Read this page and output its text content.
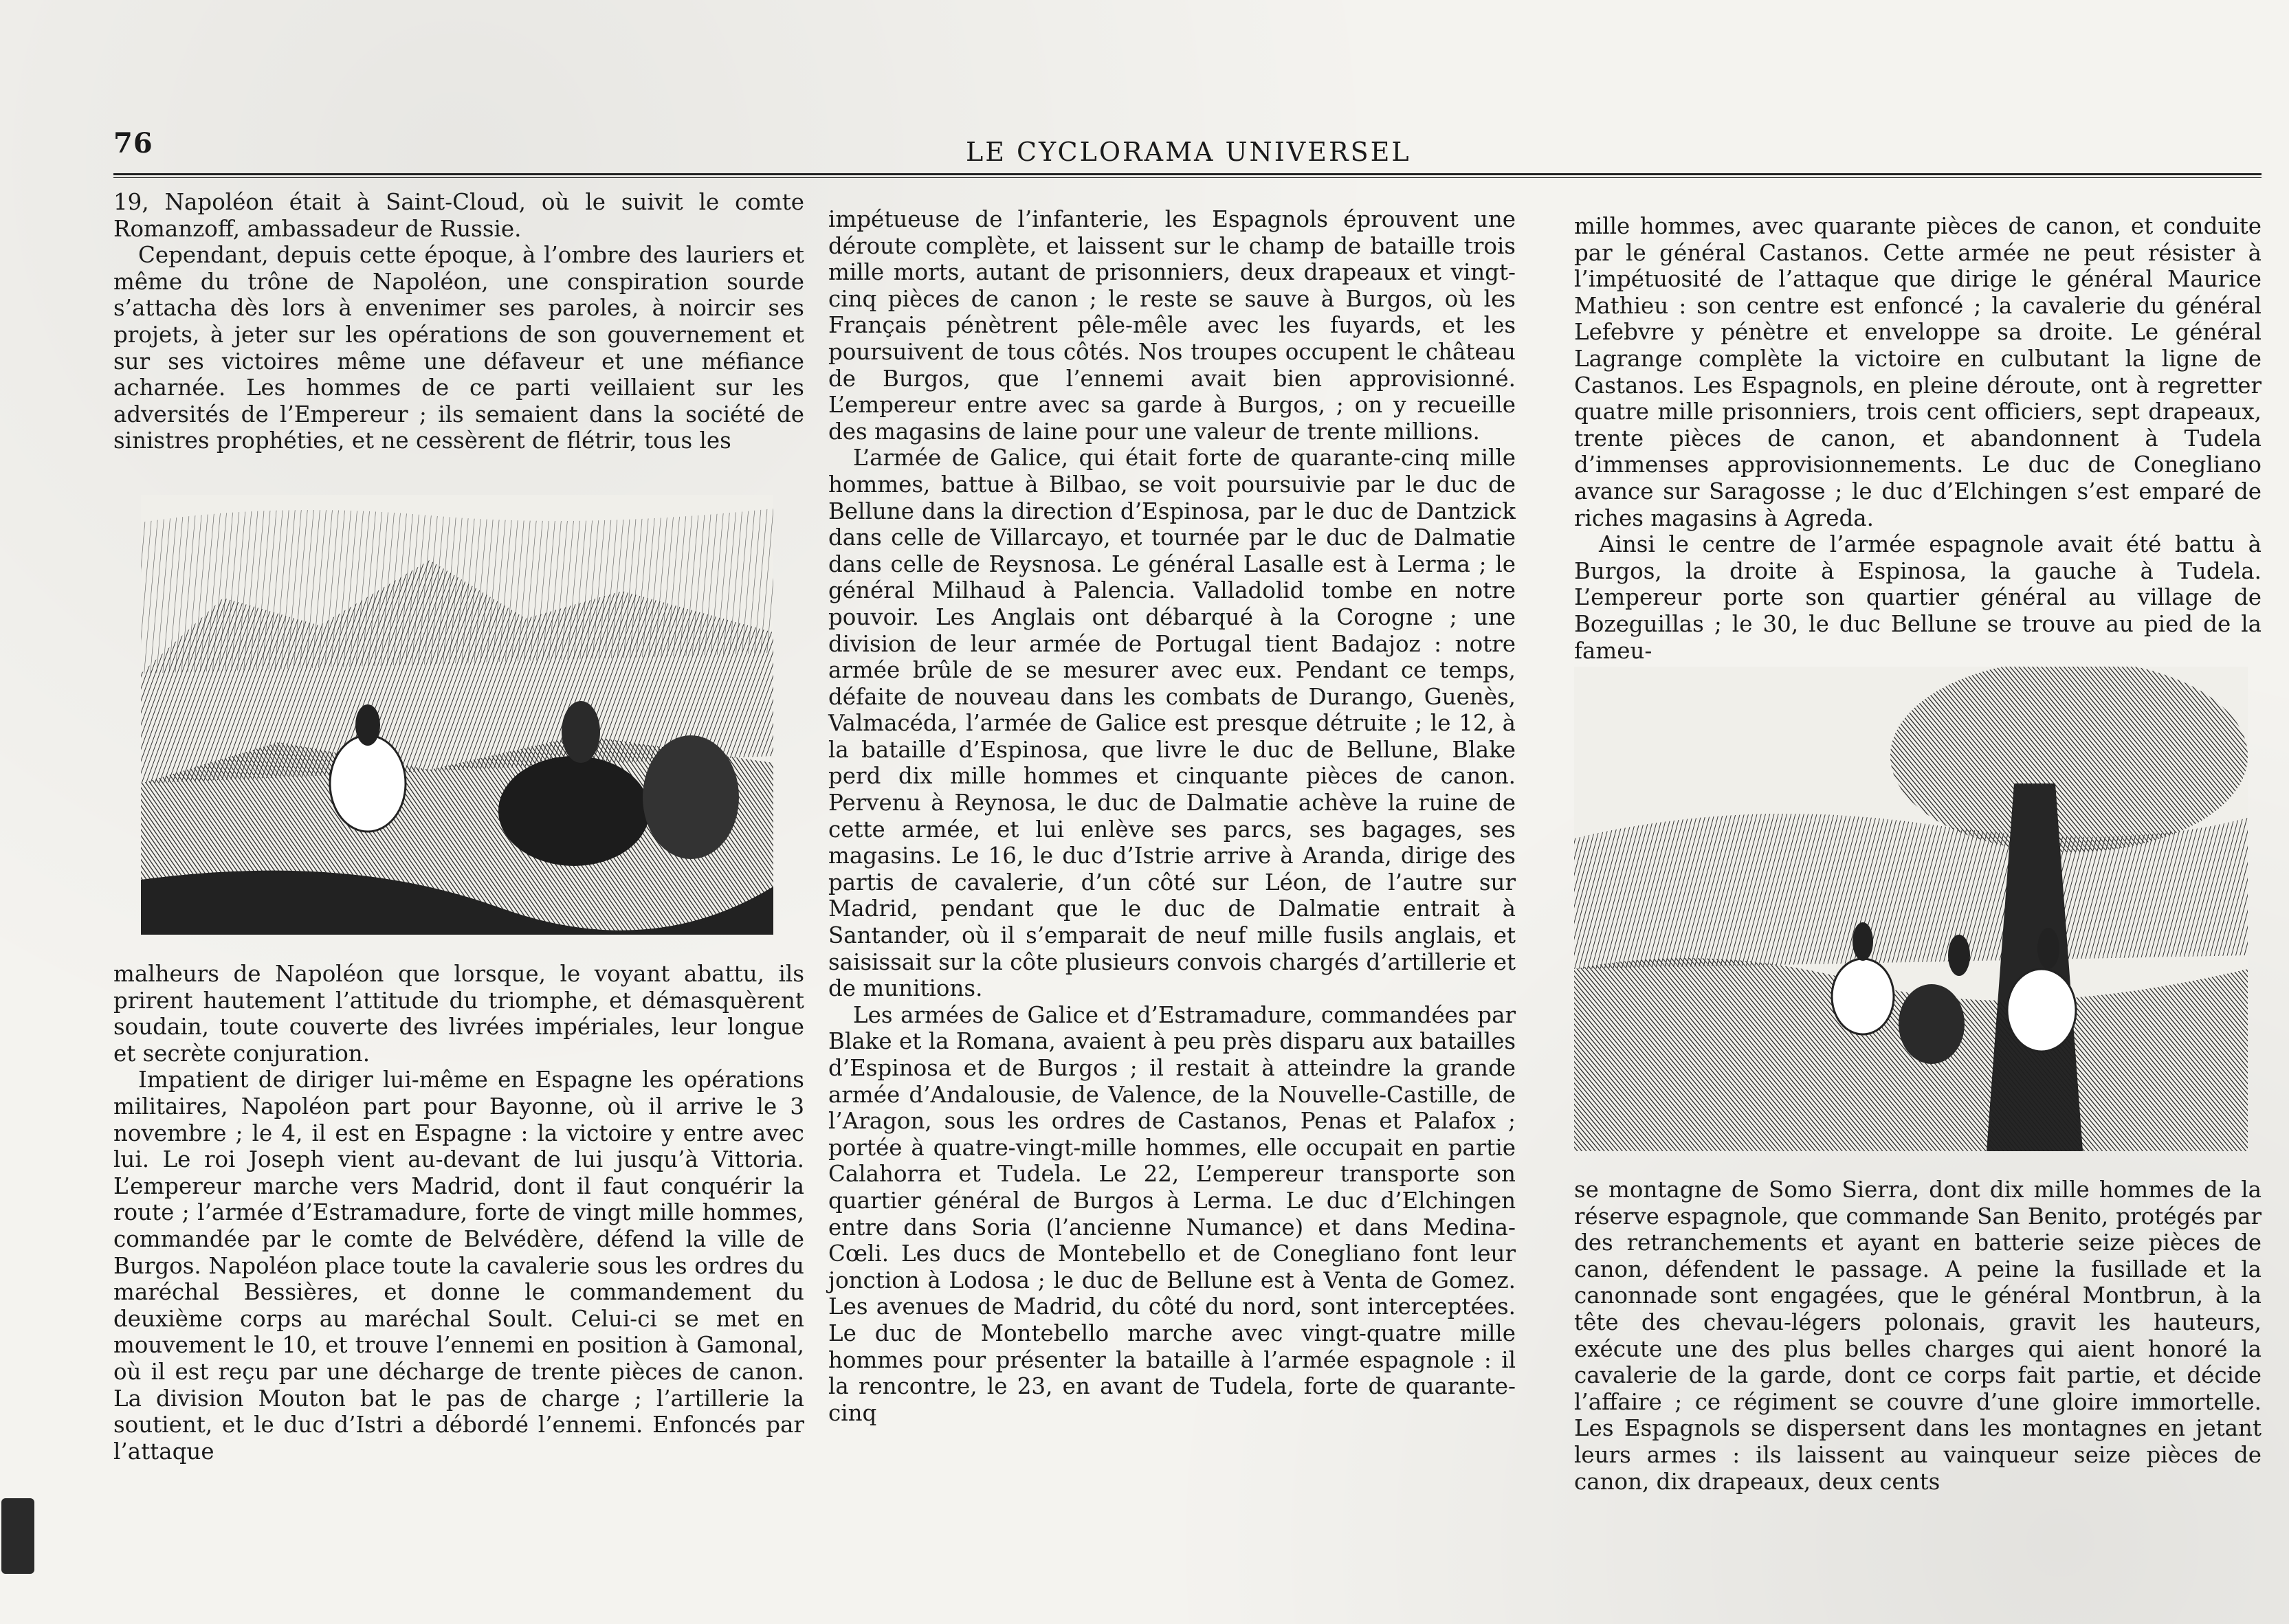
76	LE CYCLORAMA UNIVERSEL

19, Napoléon était à Saint-Cloud, où le suivit le comte Romanzoff, ambassadeur de Russie.

Cependant, depuis cette époque, à l’ombre des lauriers et même du trône de Napoléon, une conspiration sourde s’attacha dès lors à envenimer ses paroles, à noircir ses projets, à jeter sur les opérations de son gouvernement et sur ses victoires même une défaveur et une méfiance acharnée. Les hommes de ce parti veillaient sur les adversités de l’Empereur ; ils semaient dans la société de sinistres prophéties, et ne cessèrent de flétrir, tous les

malheurs de Napoléon que lorsque, le voyant abattu, ils prirent hautement l’attitude du triomphe, et démasquèrent soudain, toute couverte des livrées impériales, leur longue et secrète conjuration.

Impatient de diriger lui-même en Espagne les opérations militaires, Napoléon part pour Bayonne, où il arrive le 3 novembre ; le 4, il est en Espagne : la victoire y entre avec lui. Le roi Joseph vient au-devant de lui jusqu’à Vittoria. L’empereur marche vers Madrid, dont il faut conquérir la route ; l’armée d’Estramadure, forte de vingt mille hommes, commandée par le comte de Belvédère, défend la ville de Burgos. Napoléon place toute la cavalerie sous les ordres du maréchal Bessières, et donne le commandement du deuxième corps au maréchal Soult. Celui-ci se met en mouvement le 10, et trouve l’ennemi en position à Gamonal, où il est reçu par une décharge de trente pièces de canon. La division Mouton bat le pas de charge ; l’artillerie la soutient, et le duc d’Istri a débordé l’ennemi. Enfoncés par l’attaque

impétueuse de l’infanterie, les Espagnols éprouvent une déroute complète, et laissent sur le champ de bataille trois mille morts, autant de prisonniers, deux drapeaux et vingt-cinq pièces de canon ; le reste se sauve à Burgos, où les Français pénètrent pêle-mêle avec les fuyards, et les poursuivent de tous côtés. Nos troupes occupent le château de Burgos, que l’ennemi avait bien approvisionné. L’empereur entre avec sa garde à Burgos, ; on y recueille des magasins de laine pour une valeur de trente millions.

L’armée de Galice, qui était forte de quarante-cinq mille hommes, battue à Bilbao, se voit poursuivie par le duc de Bellune dans la direction d’Espinosa, par le duc de Dantzick dans celle de Villarcayo, et tournée par le duc de Dalmatie dans celle de Reysnosa. Le général Lasalle est à Lerma ; le général Milhaud à Palencia. Valladolid tombe en notre pouvoir. Les Anglais ont débarqué à la Corogne ; une division de leur armée de Portugal tient Badajoz : notre armée brûle de se mesurer avec eux. Pendant ce temps, défaite de nouveau dans les combats de Durango, Guenès, Valmacéda, l’armée de Galice est presque détruite ; le 12, à la bataille d’Espinosa, que livre le duc de Bellune, Blake perd dix mille hommes et cinquante pièces de canon. Pervenu à Reynosa, le duc de Dalmatie achève la ruine de cette armée, et lui enlève ses parcs, ses bagages, ses magasins. Le 16, le duc d’Istrie arrive à Aranda, dirige des partis de cavalerie, d’un côté sur Léon, de l’autre sur Madrid, pendant que le duc de Dalmatie entrait à Santander, où il s’emparait de neuf mille fusils anglais, et saisissait sur la côte plusieurs convois chargés d’artillerie et de munitions.

Les armées de Galice et d’Estramadure, commandées par Blake et la Romana, avaient à peu près disparu aux batailles d’Espinosa et de Burgos ; il restait à atteindre la grande armée d’Andalousie, de Valence, de la Nouvelle-Castille, de l’Aragon, sous les ordres de Castanos, Penas et Palafox ; portée à quatre-vingt-mille hommes, elle occupait en partie Calahorra et Tudela. Le 22, L’empereur transporte son quartier général de Burgos à Lerma. Le duc d’Elchingen entre dans Soria (l’ancienne Numance) et dans Medina-Cœli. Les ducs de Montebello et de Conegliano font leur jonction à Lodosa ; le duc de Bellune est à Venta de Gomez. Les avenues de Madrid, du côté du nord, sont interceptées. Le duc de Montebello marche avec vingt-quatre mille hommes pour présenter la bataille à l’armée espagnole : il la rencontre, le 23, en avant de Tudela, forte de quarante-cinq

mille hommes, avec quarante pièces de canon, et conduite par le général Castanos. Cette armée ne peut résister à l’impétuosité de l’attaque que dirige le général Maurice Mathieu : son centre est enfoncé ; la cavalerie du général Lefebvre y pénètre et enveloppe sa droite. Le général Lagrange complète la victoire en culbutant la ligne de Castanos. Les Espagnols, en pleine déroute, ont à regretter quatre mille prisonniers, trois cent officiers, sept drapeaux, trente pièces de canon, et abandonnent à Tudela d’immenses approvisionnements. Le duc de Conegliano avance sur Saragosse ; le duc d’Elchingen s’est emparé de riches magasins à Agreda.

Ainsi le centre de l’armée espagnole avait été battu à Burgos, la droite à Espinosa, la gauche à Tudela. L’empereur porte son quartier général au village de Bozeguillas ; le 30, le duc Bellune se trouve au pied de la fameu-

se montagne de Somo Sierra, dont dix mille hommes de la réserve espagnole, que commande San Benito, protégés par des retranchements et ayant en batterie seize pièces de canon, défendent le passage. A peine la fusillade et la canonnade sont engagées, que le général Montbrun, à la tête des chevau-légers polonais, gravit les hauteurs, exécute une des plus belles charges qui aient honoré la cavalerie de la garde, dont ce corps fait partie, et décide l’affaire ; ce régiment se couvre d’une gloire immortelle. Les Espagnols se dispersent dans les montagnes en jetant leurs armes : ils laissent au vainqueur seize pièces de canon, dix drapeaux, deux cents
